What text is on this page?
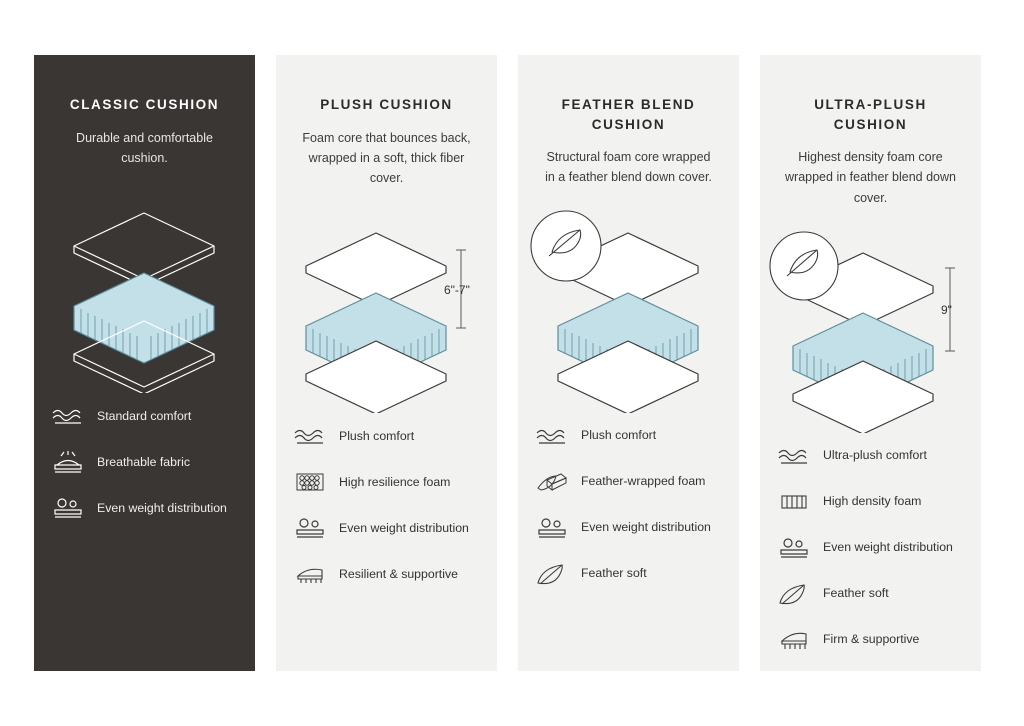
CLASSIC CUSHION

Durable and comfortable cushion.

Standard comfort
Breathable fabric
Even weight distribution
PLUSH CUSHION

Foam core that bounces back, wrapped in a soft, thick fiber cover.

6"-7"
Plush comfort
High resilience foam
Even weight distribution
Resilient & supportive
FEATHER BLEND CUSHION

Structural foam core wrapped in a feather blend down cover.

Plush comfort
Feather-wrapped foam
Even weight distribution
Feather soft
ULTRA-PLUSH CUSHION

Highest density foam core wrapped in feather blend down cover.

9"
Ultra-plush comfort
High density foam
Even weight distribution
Feather soft
Firm & supportive
